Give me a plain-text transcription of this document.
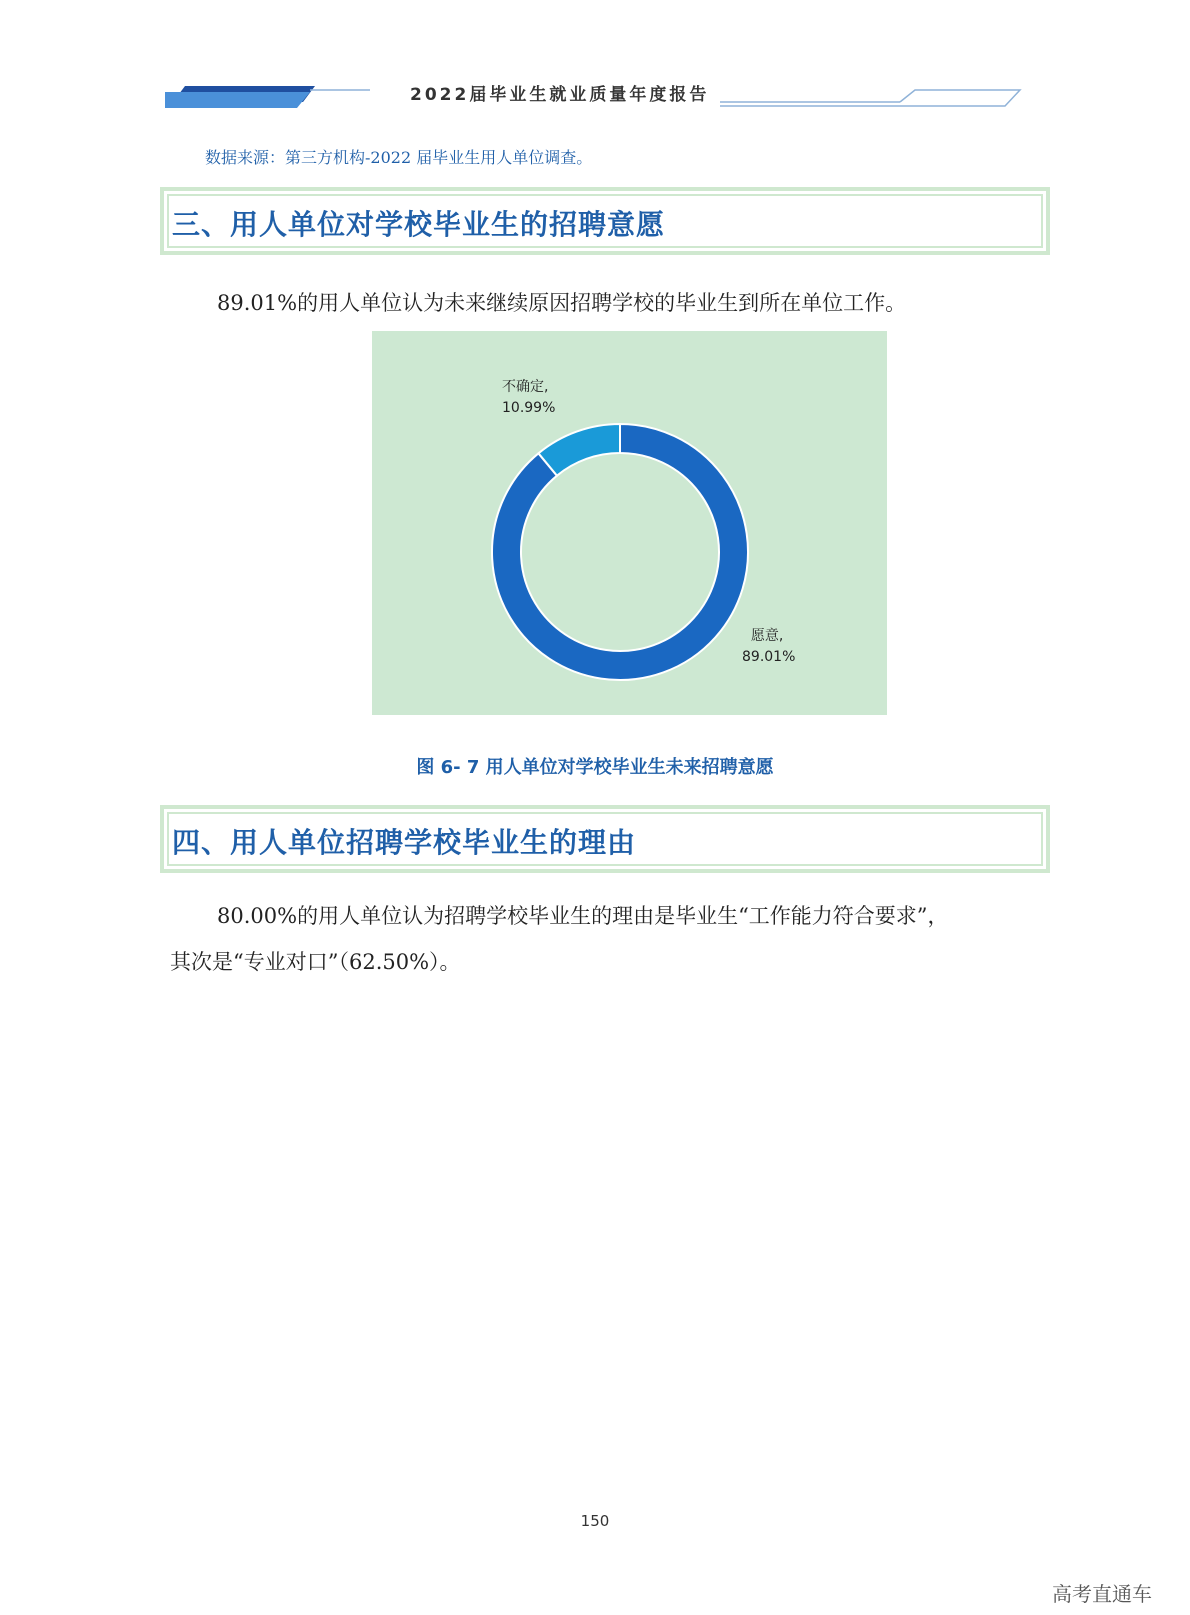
2022届毕业生就业质量年度报告
数据来源：第三方机构-2022 届毕业生用人单位调查。
三、用人单位对学校毕业生的招聘意愿
89.01%的用人单位认为未来继续原因招聘学校的毕业生到所在单位工作。
不确定,
10.99%
愿意,
89.01%
图 6- 7 用人单位对学校毕业生未来招聘意愿
四、用人单位招聘学校毕业生的理由
80.00%的用人单位认为招聘学校毕业生的理由是毕业生“工作能力符合要求”，
其次是“专业对口”（62.50%）。
150
高考直通车
